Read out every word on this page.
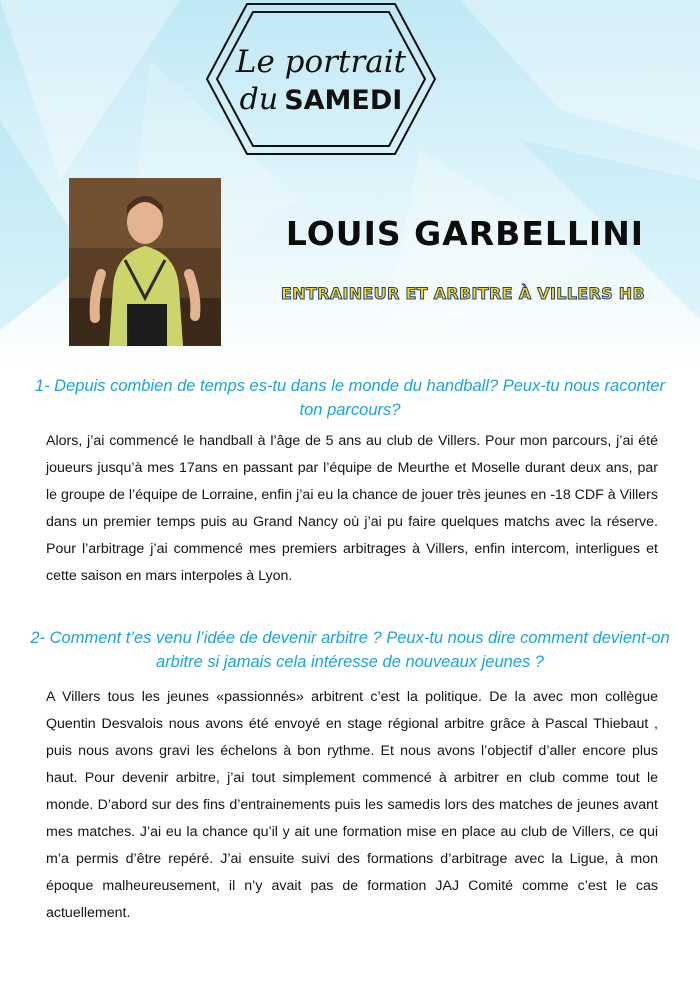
Le portrait
du SAMEDI
LOUIS GARBELLINI
ENTRAINEUR ET ARBITRE À VILLERS HB
1- Depuis combien de temps es-tu dans le monde du handball? Peux-tu nous raconter ton parcours?
Alors, j’ai commencé le handball à l’âge de 5 ans au club de Villers. Pour mon parcours, j’ai été joueurs jusqu’à mes 17ans en passant par l’équipe de Meurthe et Moselle durant deux ans, par le groupe de l’équipe de Lorraine, enfin j’ai eu la chance de jouer très jeunes en -18 CDF à Villers dans un premier temps puis au Grand Nancy où j’ai pu faire quelques matchs avec la réserve. Pour l’arbitrage j’ai commencé mes premiers arbitrages à Villers, enfin intercom, interligues et cette saison en mars interpoles à Lyon.
2- Comment t’es venu l’idée de devenir arbitre ? Peux-tu nous dire comment devient-on arbitre si jamais cela intéresse de nouveaux jeunes ?
A Villers tous les jeunes «passionnés» arbitrent c’est la politique. De la avec mon collègue Quentin Desvalois nous avons été envoyé en stage régional arbitre grâce à Pascal Thiebaut , puis nous avons gravi les échelons à bon rythme. Et nous avons l’objectif d’aller encore plus haut. Pour devenir arbitre, j’ai tout simplement commencé à arbitrer en club comme tout le monde. D’abord sur des fins d’entrainements puis les samedis lors des matches de jeunes avant mes matches. J’ai eu la chance qu’il y ait une formation mise en place au club de Villers, ce qui m’a permis d’être repéré. J’ai ensuite suivi des formations d’arbitrage avec la Ligue, à mon époque malheureusement, il n’y avait pas de formation JAJ Comité comme c’est le cas actuellement.
